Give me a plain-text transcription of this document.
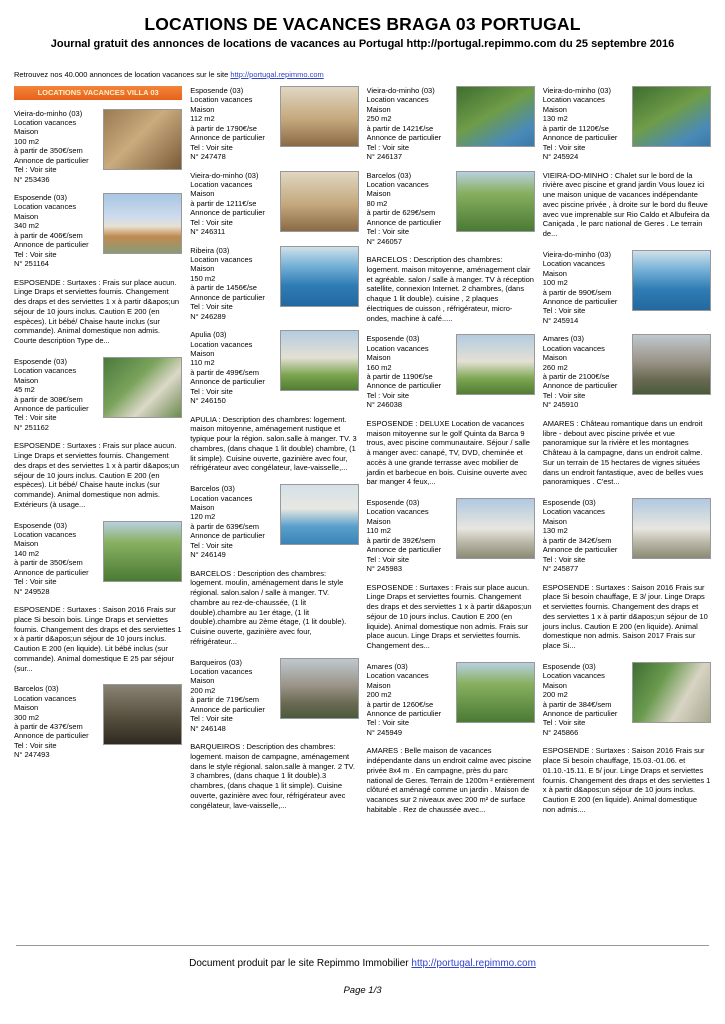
LOCATIONS DE VACANCES BRAGA 03 PORTUGAL
Journal gratuit des annonces de locations de vacances au Portugal http://portugal.repimmo.com du 25 septembre 2016
Retrouvez nos 40.000 annonces de location vacances sur le site http://portugal.repimmo.com
LOCATIONS VACANCES VILLA 03
Vieira-do-minho (03)
Location vacances
Maison
100 m2
à partir de 350€/sem
Annonce de particulier
Tel : Voir site
N° 253436
Esposende (03)
Location vacances
Maison
340 m2
à partir de 406€/sem
Annonce de particulier
Tel : Voir site
N° 251164
ESPOSENDE : Surtaxes : Frais sur place aucun. Linge Draps et serviettes fournis. Changement des draps et des serviettes 1 x à partir d&apos;un séjour de 10 jours inclus. Caution E 200 (en espèces). Lit bébé/ Chaise haute inclus (sur commande). Animal domestique non admis. Courte description Type de...
Esposende (03)
Location vacances
Maison
45 m2
à partir de 308€/sem
Annonce de particulier
Tel : Voir site
N° 251162
ESPOSENDE : Surtaxes : Frais sur place aucun. Linge Draps et serviettes fournis. Changement des draps et des serviettes 1 x à partir d&apos;un séjour de 10 jours inclus. Caution E 200 (en espèces). Lit bébé/ Chaise haute inclus (sur commande). Animal domestique non admis. Extérieurs (à usage...
Esposende (03)
Location vacances
Maison
140 m2
à partir de 350€/sem
Annonce de particulier
Tel : Voir site
N° 249528
ESPOSENDE : Surtaxes : Saison 2016 Frais sur place Si besoin bois. Linge Draps et serviettes fournis. Changement des draps et des serviettes 1 x à partir d&apos;un séjour de 10 jours inclus. Caution E 200 (en liquide). Lit bébé inclus (sur commande). Animal domestique E 25 par séjour (sur...
Barcelos (03)
Location vacances
Maison
300 m2
à partir de 437€/sem
Annonce de particulier
Tel : Voir site
N° 247493
Esposende (03)
Location vacances
Maison
112 m2
à partir de 1790€/se
Annonce de particulier
Tel : Voir site
N° 247478
Vieira-do-minho (03)
Location vacances
Maison
à partir de 1211€/se
Annonce de particulier
Tel : Voir site
N° 246311
Ribeira (03)
Location vacances
Maison
150 m2
à partir de 1456€/se
Annonce de particulier
Tel : Voir site
N° 246289
Apulia (03)
Location vacances
Maison
110 m2
à partir de 499€/sem
Annonce de particulier
Tel : Voir site
N° 246150
APULIA : Description des chambres: logement. maison mitoyenne, aménagement rustique et typique pour la région. salon.salle à manger. TV. 3 chambres, (dans chaque 1 lit double) chambre, (1 lit simple). Cuisine ouverte, gazinière avec four, réfrigérateur avec congélateur, lave-vaisselle,...
Barcelos (03)
Location vacances
Maison
120 m2
à partir de 639€/sem
Annonce de particulier
Tel : Voir site
N° 246149
BARCELOS : Description des chambres: logement. moulin, aménagement dans le style régional. salon.salon / salle à manger. TV. chambre au rez-de-chaussée, (1 lit double).chambre au 1er étage, (1 lit double).chambre au 2ème étage, (1 lit double). Cuisine ouverte, gazinière avec four, réfrigérateur...
Barqueiros (03)
Location vacances
Maison
200 m2
à partir de 719€/sem
Annonce de particulier
Tel : Voir site
N° 246148
BARQUEIROS : Description des chambres: logement. maison de campagne, aménagement dans le style régional. salon.salle à manger. 2 TV. 3 chambres, (dans chaque 1 lit double).3 chambres, (dans chaque 1 lit simple). Cuisine ouverte, gazinière avec four, réfrigérateur avec congélateur, lave-vaisselle,...
Vieira-do-minho (03)
Location vacances
Maison
250 m2
à partir de 1421€/se
Annonce de particulier
Tel : Voir site
N° 246137
Barcelos (03)
Location vacances
Maison
80 m2
à partir de 629€/sem
Annonce de particulier
Tel : Voir site
N° 246057
BARCELOS : Description des chambres: logement. maison mitoyenne, aménagement clair et agréable. salon / salle à manger. TV à réception satellite, connexion Internet. 2 chambres, (dans chaque 1 lit double). cuisine , 2 plaques électriques de cuisson , réfrigérateur, micro-ondes, machine à café.....
Esposende (03)
Location vacances
Maison
160 m2
à partir de 1190€/se
Annonce de particulier
Tel : Voir site
N° 246038
ESPOSENDE : DELUXE Location de vacances maison mitoyenne sur le golf Quinta da Barca 9 trous, avec piscine communautaire. Séjour / salle à manger avec: canapé, TV, DVD, cheminée et accès à une grande terrasse avec mobilier de jardin et barbecue en bois. Cuisine ouverte avec bar manger 4 feux,...
Esposende (03)
Location vacances
Maison
110 m2
à partir de 392€/sem
Annonce de particulier
Tel : Voir site
N° 245983
ESPOSENDE : Surtaxes : Frais sur place aucun. Linge Draps et serviettes fournis. Changement des draps et des serviettes 1 x à partir d&apos;un séjour de 10 jours inclus. Caution E 200 (en liquide). Animal domestique non admis. Frais sur place aucun. Linge Draps et serviettes fournis. Changement des...
Amares (03)
Location vacances
Maison
200 m2
à partir de 1260€/se
Annonce de particulier
Tel : Voir site
N° 245949
AMARES : Belle maison de vacances indépendante dans un endroit calme avec piscine privée 8x4 m . En campagne, près du parc national de Geres. Terrain de 1200m ² entièrement clôturé et aménagé comme un jardin . Maison de vacances sur 2 niveaux avec 200 m² de surface habitable . Rez de chaussée avec...
Vieira-do-minho (03)
Location vacances
Maison
130 m2
à partir de 1120€/se
Annonce de particulier
Tel : Voir site
N° 245924
VIEIRA-DO-MINHO : Chalet sur le bord de la rivière avec piscine et grand jardin Vous louez ici une maison unique de vacances indépendante avec piscine privée , à droite sur le bord du fleuve avec vue imprenable sur Rio Caldo et Albufeira da Caniçada , le parc national de Geres . Le terrain de...
Vieira-do-minho (03)
Location vacances
Maison
100 m2
à partir de 990€/sem
Annonce de particulier
Tel : Voir site
N° 245914
Amares (03)
Location vacances
Maison
260 m2
à partir de 2100€/se
Annonce de particulier
Tel : Voir site
N° 245910
AMARES : Château romantique dans un endroit libre - debout avec piscine privée et vue panoramique sur la rivière et les montagnes Château à la campagne, dans un endroit calme. Sur un terrain de 15 hectares de vignes situées dans un endroit fantastique, avec de belles vues panoramiques . C'est...
Esposende (03)
Location vacances
Maison
130 m2
à partir de 342€/sem
Annonce de particulier
Tel : Voir site
N° 245877
ESPOSENDE : Surtaxes : Saison 2016 Frais sur place Si besoin chauffage, E 3/ jour. Linge Draps et serviettes fournis. Changement des draps et des serviettes 1 x à partir d&apos;un séjour de 10 jours inclus. Caution E 200 (en liquide). Animal domestique non admis. Saison 2017 Frais sur place Si...
Esposende (03)
Location vacances
Maison
200 m2
à partir de 384€/sem
Annonce de particulier
Tel : Voir site
N° 245866
ESPOSENDE : Surtaxes : Saison 2016 Frais sur place Si besoin chauffage, 15.03.-01.06. et 01.10.-15.11. E 5/ jour. Linge Draps et serviettes fournis. Changement des draps et des serviettes 1 x à partir d&apos;un séjour de 10 jours inclus. Caution E 200 (en liquide). Animal domestique non admis....
Document produit par le site Repimmo Immobilier http://portugal.repimmo.com
Page 1/3
